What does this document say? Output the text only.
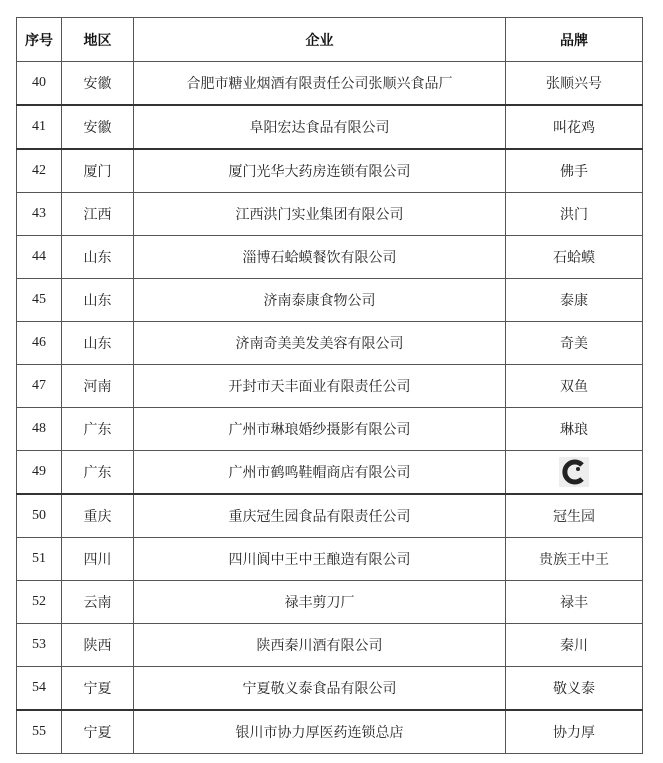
序号	地区	企业	品牌
40	安徽	合肥市糖业烟酒有限责任公司张顺兴食品厂	张顺兴号
41	安徽	阜阳宏达食品有限公司	叫花鸡
42	厦门	厦门光华大药房连锁有限公司	佛手
43	江西	江西洪门实业集团有限公司	洪门
44	山东	淄博石蛤蟆餐饮有限公司	石蛤蟆
45	山东	济南泰康食物公司	泰康
46	山东	济南奇美美发美容有限公司	奇美
47	河南	开封市天丰面业有限责任公司	双鱼
48	广东	广州市琳琅婚纱摄影有限公司	琳琅
49	广东	广州市鹤鸣鞋帽商店有限公司	
50	重庆	重庆冠生园食品有限责任公司	冠生园
51	四川	四川阆中王中王酿造有限公司	贵族王中王
52	云南	禄丰剪刀厂	禄丰
53	陕西	陕西秦川酒有限公司	秦川
54	宁夏	宁夏敬义泰食品有限公司	敬义泰
55	宁夏	银川市协力厚医药连锁总店	协力厚
